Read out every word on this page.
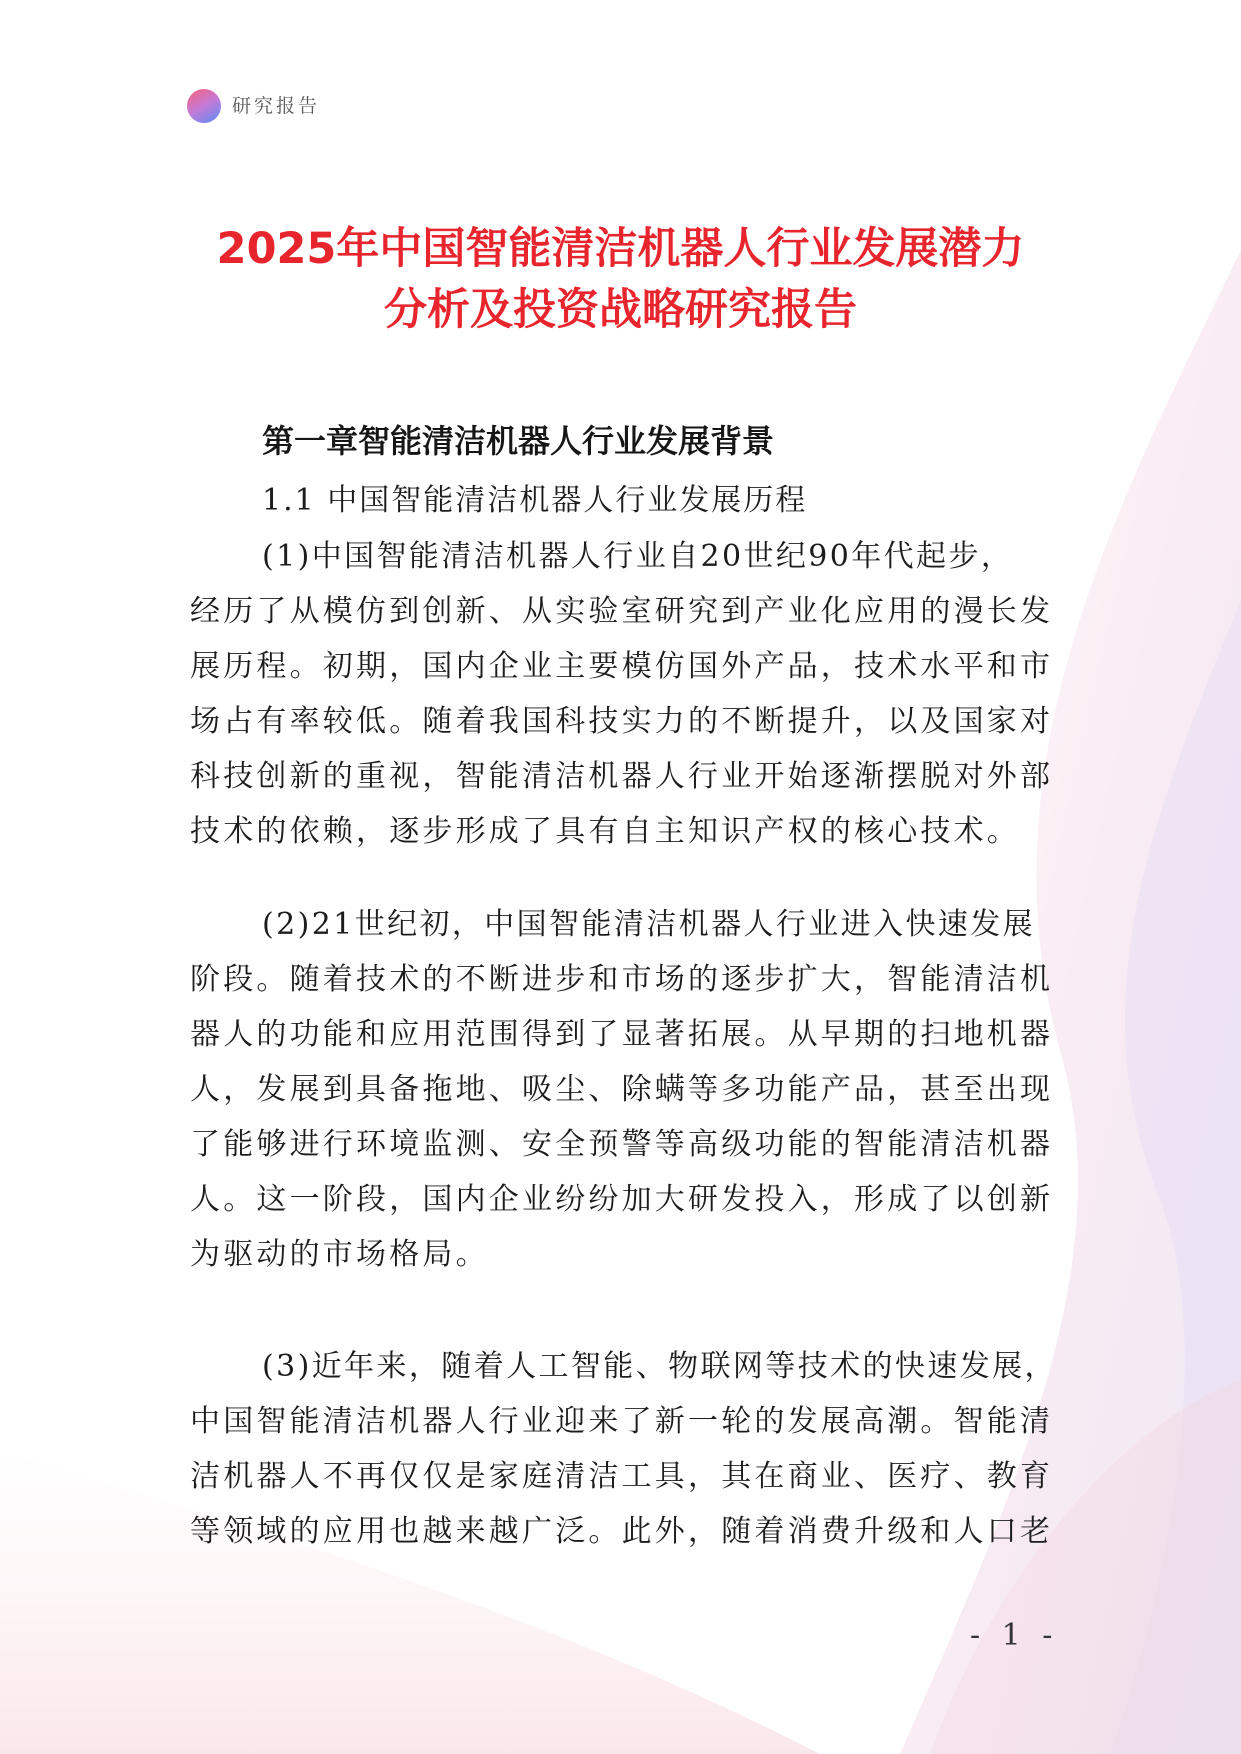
研究报告
2025年中国智能清洁机器人行业发展潜力
分析及投资战略研究报告
第一章智能清洁机器人行业发展背景
1.1 中国智能清洁机器人行业发展历程
(1)中国智能清洁机器人行业自20世纪90年代起步，
经历了从模仿到创新、从实验室研究到产业化应用的漫长发
展历程。初期，国内企业主要模仿国外产品，技术水平和市
场占有率较低。随着我国科技实力的不断提升，以及国家对
科技创新的重视，智能清洁机器人行业开始逐渐摆脱对外部
技术的依赖，逐步形成了具有自主知识产权的核心技术。
(2)21世纪初，中国智能清洁机器人行业进入快速发展
阶段。随着技术的不断进步和市场的逐步扩大，智能清洁机
器人的功能和应用范围得到了显著拓展。从早期的扫地机器
人，发展到具备拖地、吸尘、除螨等多功能产品，甚至出现
了能够进行环境监测、安全预警等高级功能的智能清洁机器
人。这一阶段，国内企业纷纷加大研发投入，形成了以创新
为驱动的市场格局。
(3)近年来，随着人工智能、物联网等技术的快速发展，
中国智能清洁机器人行业迎来了新一轮的发展高潮。智能清
洁机器人不再仅仅是家庭清洁工具，其在商业、医疗、教育
等领域的应用也越来越广泛。此外，随着消费升级和人口老
- 1 -
